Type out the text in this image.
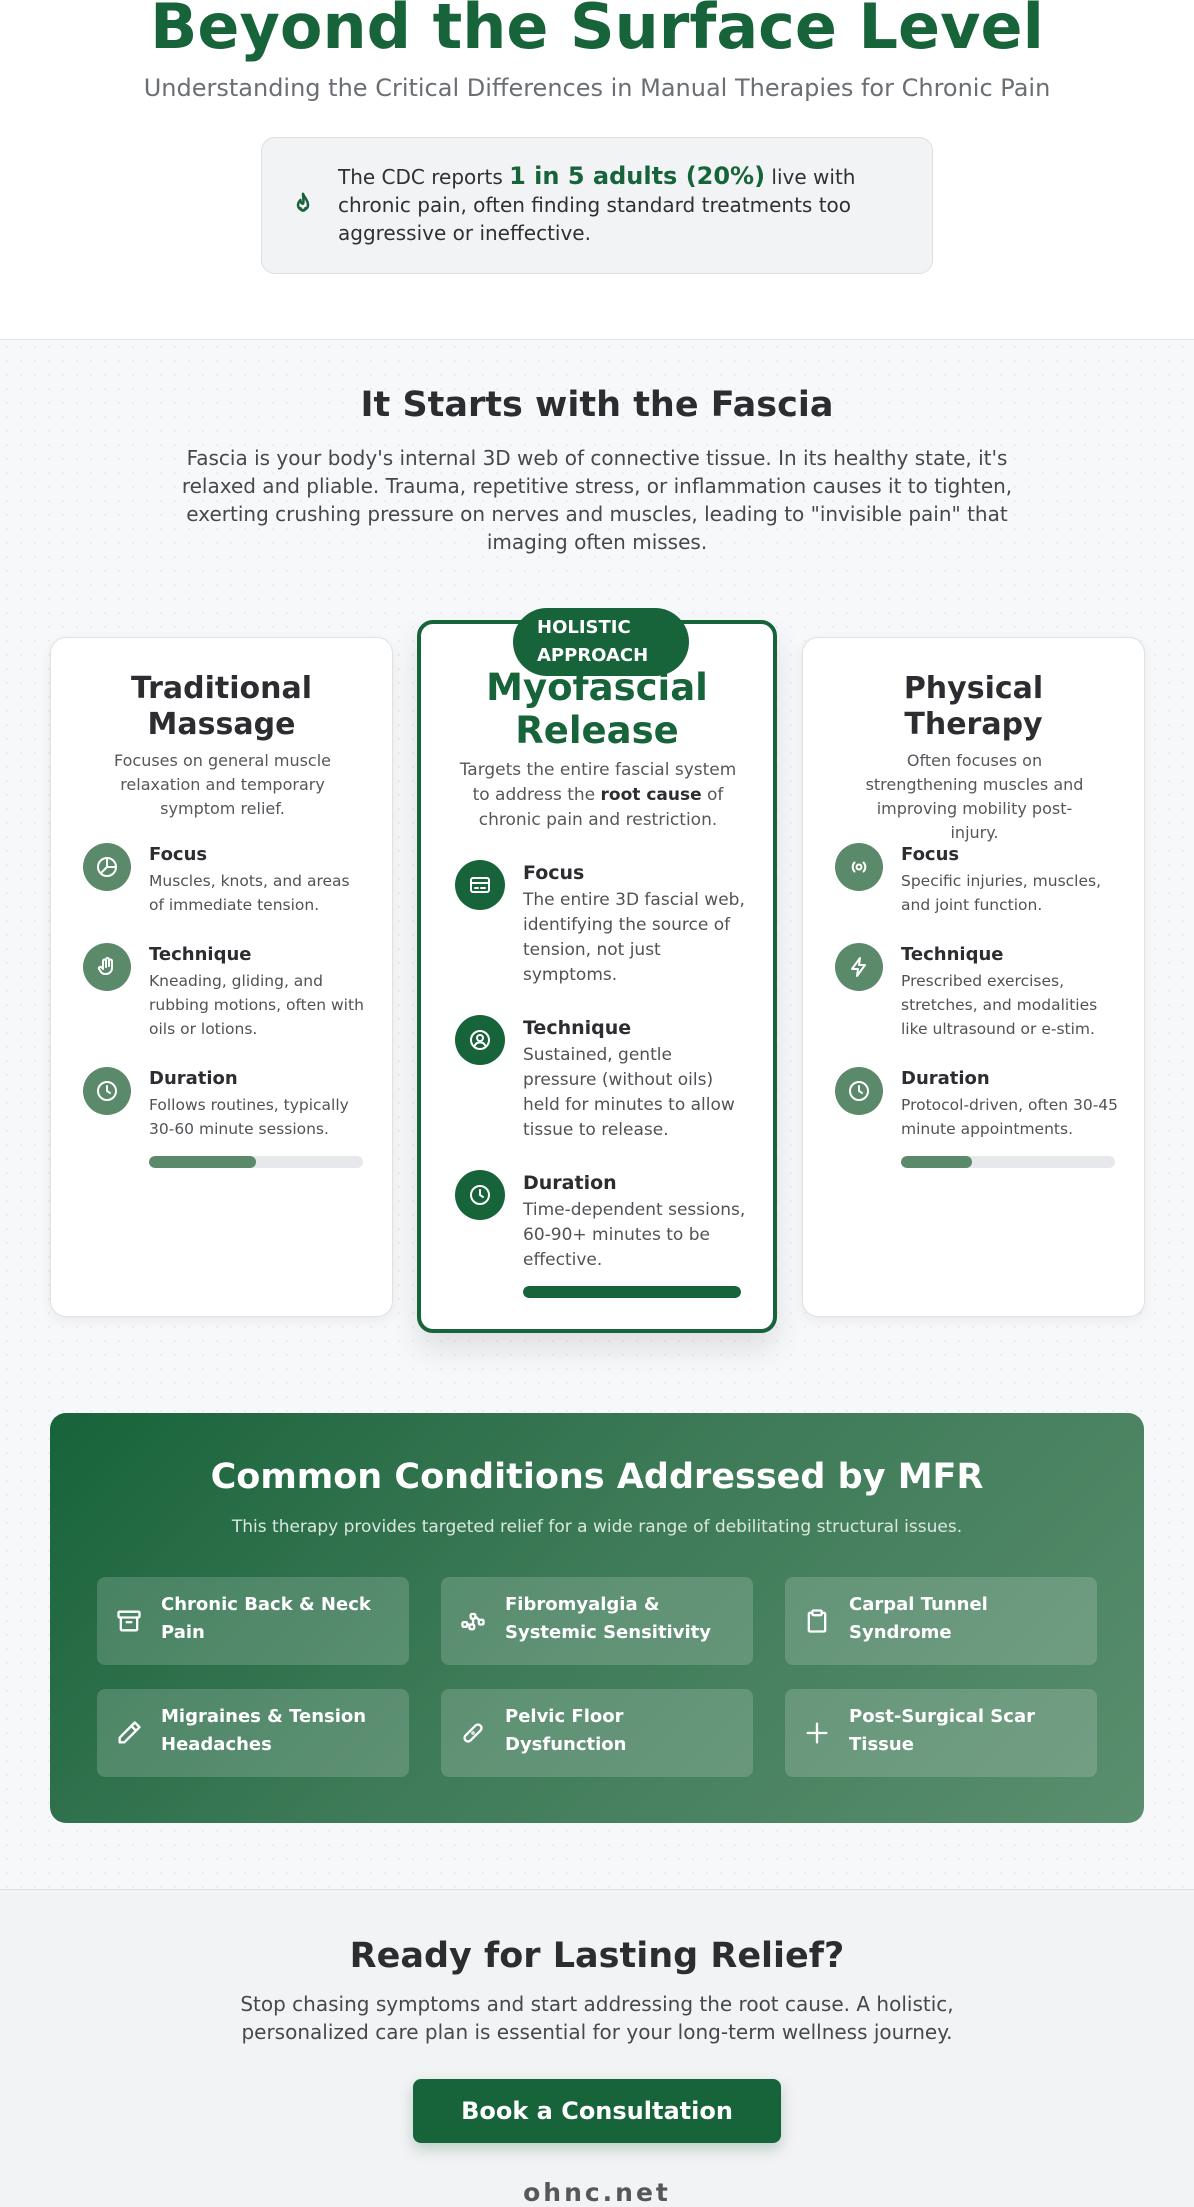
Beyond the Surface Level

Understanding the Critical Differences in Manual Therapies for Chronic Pain

The CDC reports 1 in 5 adults (20%) live with chronic pain, often finding standard treatments too aggressive or ineffective.

It Starts with the Fascia

Fascia is your body's internal 3D web of connective tissue. In its healthy state, it's relaxed and pliable. Trauma, repetitive stress, or inflammation causes it to tighten, exerting crushing pressure on nerves and muscles, leading to "invisible pain" that imaging often misses.

Traditional
Massage

Focuses on general muscle relaxation and temporary symptom relief.

Focus
Muscles, knots, and areas of immediate tension.
Technique
Kneading, gliding, and rubbing motions, often with oils or lotions.
Duration
Follows routines, typically 30-60 minute sessions.
HOLISTIC
APPROACH
Myofascial
Release

Targets the entire fascial system to address the root cause of chronic pain and restriction.

Focus
The entire 3D fascial web, identifying the source of tension, not just symptoms.
Technique
Sustained, gentle pressure (without oils) held for minutes to allow tissue to release.
Duration
Time-dependent sessions, 60-90+ minutes to be effective.
Physical
Therapy

Often focuses on strengthening muscles and improving mobility post-injury.

Focus
Specific injuries, muscles, and joint function.
Technique
Prescribed exercises, stretches, and modalities like ultrasound or e-stim.
Duration
Protocol-driven, often 30-45 minute appointments.
Common Conditions Addressed by MFR

This therapy provides targeted relief for a wide range of debilitating structural issues.

Chronic Back & Neck Pain
Fibromyalgia & Systemic Sensitivity
Carpal Tunnel Syndrome
Migraines & Tension Headaches
Pelvic Floor Dysfunction
Post-Surgical Scar Tissue
Ready for Lasting Relief?

Stop chasing symptoms and start addressing the root cause. A holistic, personalized care plan is essential for your long-term wellness journey.

Book a Consultation
ohnc.net
